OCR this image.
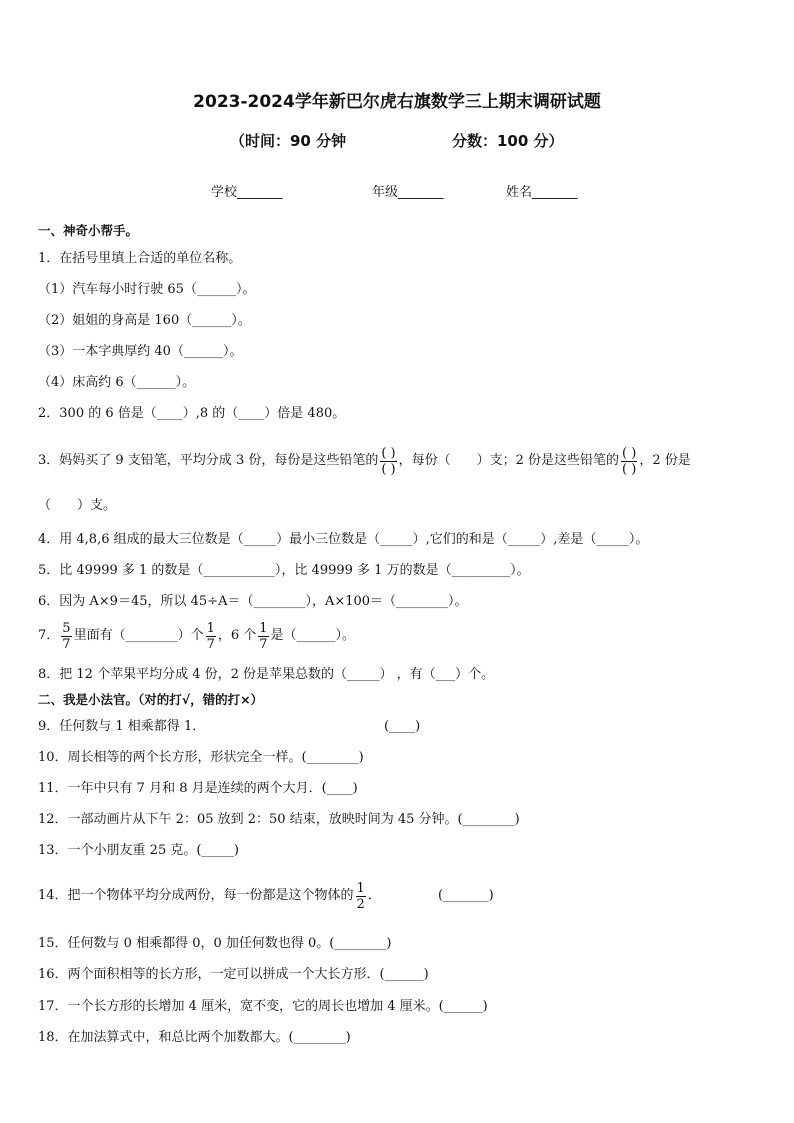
2023-2024学年新巴尔虎右旗数学三上期末调研试题
（时间：90 分钟	分数：100 分）
学校_______	年级_______	姓名_______
一、神奇小帮手。
1．在括号里填上合适的单位名称。
（1）汽车每小时行驶 65（______）。
（2）姐姐的身高是 160（______）。
（3）一本字典厚约 40（______）。
（4）床高约 6（______）。
2．300 的 6 倍是（____）,8 的（____）倍是 480。
3．妈妈买了 9 支铅笔，平均分成 3 份，每份是这些铅笔的 $\frac{( )}{( )}$ ，每份（　　）支；2 份是这些铅笔的 $\frac{( )}{( )}$ ，2 份是
（　　）支。
4．用 4,8,6 组成的最大三位数是（_____）最小三位数是（_____）,它们的和是（_____）,差是（_____）。
5．比 49999 多 1 的数是（___________），比 49999 多 1 万的数是（_________）。
6．因为 A×9＝45，所以 45÷A＝（________），A×100＝（________）。
7． $\frac{5}{7}$ 里面有（________）个 $\frac{1}{7}$ ，6 个 $\frac{1}{7}$ 是（______）。
8．把 12 个苹果平均分成 4 份，2 份是苹果总数的（_____） ，有（___）个。
二、我是小法官。（对的打√，错的打×）
9．任何数与 1 相乘都得 1．	(____)
10．周长相等的两个长方形，形状完全一样。(________)
11．一年中只有 7 月和 8 月是连续的两个大月．(____)
12．一部动画片从下午 2：05 放到 2：50 结束，放映时间为 45 分钟。(________)
13．一个小朋友重 25 克。(_____)
14．把一个物体平均分成两份，每一份都是这个物体的 $\frac{1}{2}$ ．	(_______)
15．任何数与 0 相乘都得 0，0 加任何数也得 0。(________)
16．两个面积相等的长方形，一定可以拼成一个大长方形．(______)
17．一个长方形的长增加 4 厘米，宽不变，它的周长也增加 4 厘米。(______)
18．在加法算式中，和总比两个加数都大。(________)
